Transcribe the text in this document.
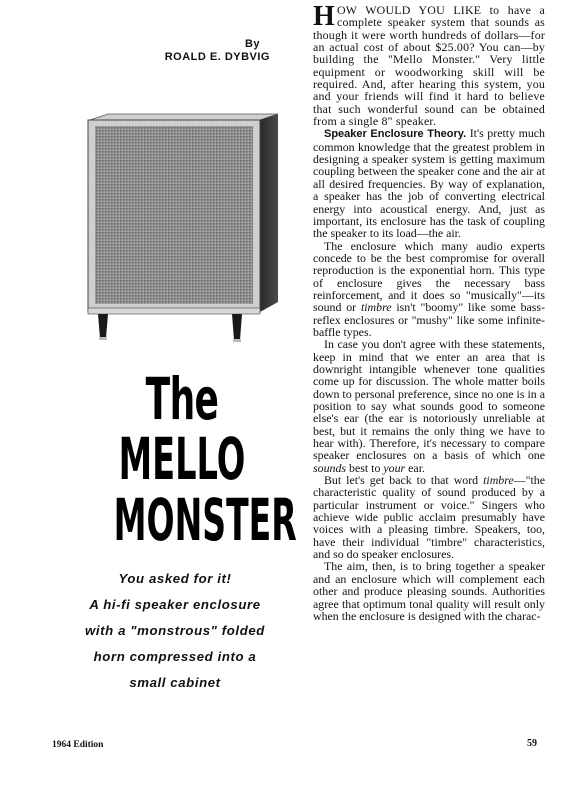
By
ROALD E. DYBVIG
The
MELLO
MONSTER
You asked for it!
A hi-fi speaker enclosure
with a "monstrous" folded
horn compressed into a
small cabinet

HOW WOULD YOU LIKE to have a complete speaker system that sounds as though it were worth hundreds of dollars—for an actual cost of about $25.00? You can—by building the "Mello Monster." Very little equipment or woodworking skill will be required. And, after hearing this system, you and your friends will find it hard to believe that such wonderful sound can be obtained from a single 8" speaker.

Speaker Enclosure Theory. It's pretty much common knowledge that the greatest problem in designing a speaker system is getting maximum coupling between the speaker cone and the air at all desired frequencies. By way of explanation, a speaker has the job of converting electrical energy into acoustical energy. And, just as important, its enclosure has the task of coupling the speaker to its load—the air.

The enclosure which many audio experts concede to be the best compromise for overall reproduction is the exponential horn. This type of enclosure gives the necessary bass reinforcement, and it does so "musically"—its sound or timbre isn't "boomy" like some bass-reflex enclosures or "mushy" like some infinite-baffle types.

In case you don't agree with these statements, keep in mind that we enter an area that is downright intangible whenever tone qualities come up for discussion. The whole matter boils down to personal preference, since no one is in a position to say what sounds good to someone else's ear (the ear is notoriously unreliable at best, but it remains the only thing we have to hear with). Therefore, it's necessary to compare speaker enclosures on a basis of which one sounds best to your ear.

But let's get back to that word timbre—"the characteristic quality of sound produced by a particular instrument or voice." Singers who achieve wide public acclaim presumably have voices with a pleasing timbre. Speakers, too, have their individual "timbre" characteristics, and so do speaker enclosures.

The aim, then, is to bring together a speaker and an enclosure which will complement each other and produce pleasing sounds. Authorities agree that optimum tonal quality will result only when the enclosure is designed with the charac-

1964 Edition	59
